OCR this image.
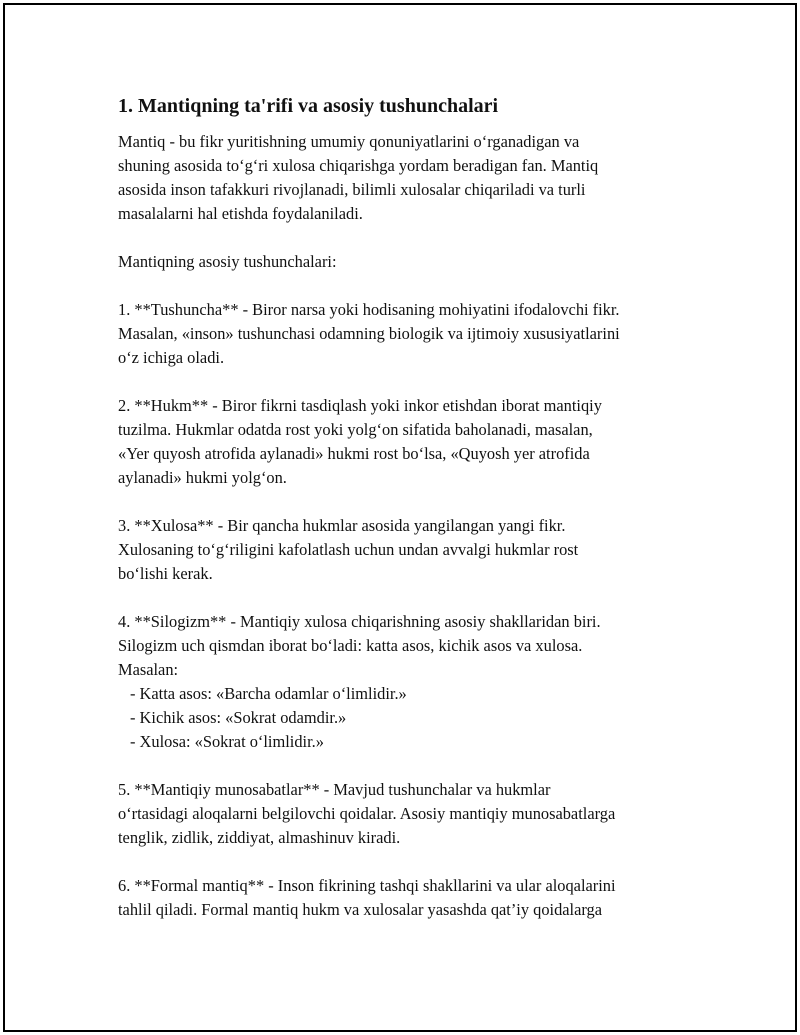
1. Mantiqning ta'rifi va asosiy tushunchalari

Mantiq - bu fikr yuritishning umumiy qonuniyatlarini o‘rganadigan va
shuning asosida to‘g‘ri xulosa chiqarishga yordam beradigan fan. Mantiq
asosida inson tafakkuri rivojlanadi, bilimli xulosalar chiqariladi va turli
masalalarni hal etishda foydalaniladi.

Mantiqning asosiy tushunchalari:

1. **Tushuncha** - Biror narsa yoki hodisaning mohiyatini ifodalovchi fikr.
Masalan, «inson» tushunchasi odamning biologik va ijtimoiy xususiyatlarini
o‘z ichiga oladi.

2. **Hukm** - Biror fikrni tasdiqlash yoki inkor etishdan iborat mantiqiy
tuzilma. Hukmlar odatda rost yoki yolg‘on sifatida baholanadi, masalan,
«Yer quyosh atrofida aylanadi» hukmi rost bo‘lsa, «Quyosh yer atrofida
aylanadi» hukmi yolg‘on.

3. **Xulosa** - Bir qancha hukmlar asosida yangilangan yangi fikr.
Xulosaning to‘g‘riligini kafolatlash uchun undan avvalgi hukmlar rost
bo‘lishi kerak.

4. **Silogizm** - Mantiqiy xulosa chiqarishning asosiy shakllaridan biri.
Silogizm uch qismdan iborat bo‘ladi: katta asos, kichik asos va xulosa.
Masalan:
- Katta asos: «Barcha odamlar o‘limlidir.»
- Kichik asos: «Sokrat odamdir.»
- Xulosa: «Sokrat o‘limlidir.»

5. **Mantiqiy munosabatlar** - Mavjud tushunchalar va hukmlar
o‘rtasidagi aloqalarni belgilovchi qoidalar. Asosiy mantiqiy munosabatlarga
tenglik, zidlik, ziddiyat, almashinuv kiradi.

6. **Formal mantiq** - Inson fikrining tashqi shakllarini va ular aloqalarini
tahlil qiladi. Formal mantiq hukm va xulosalar yasashda qat’iy qoidalarga
